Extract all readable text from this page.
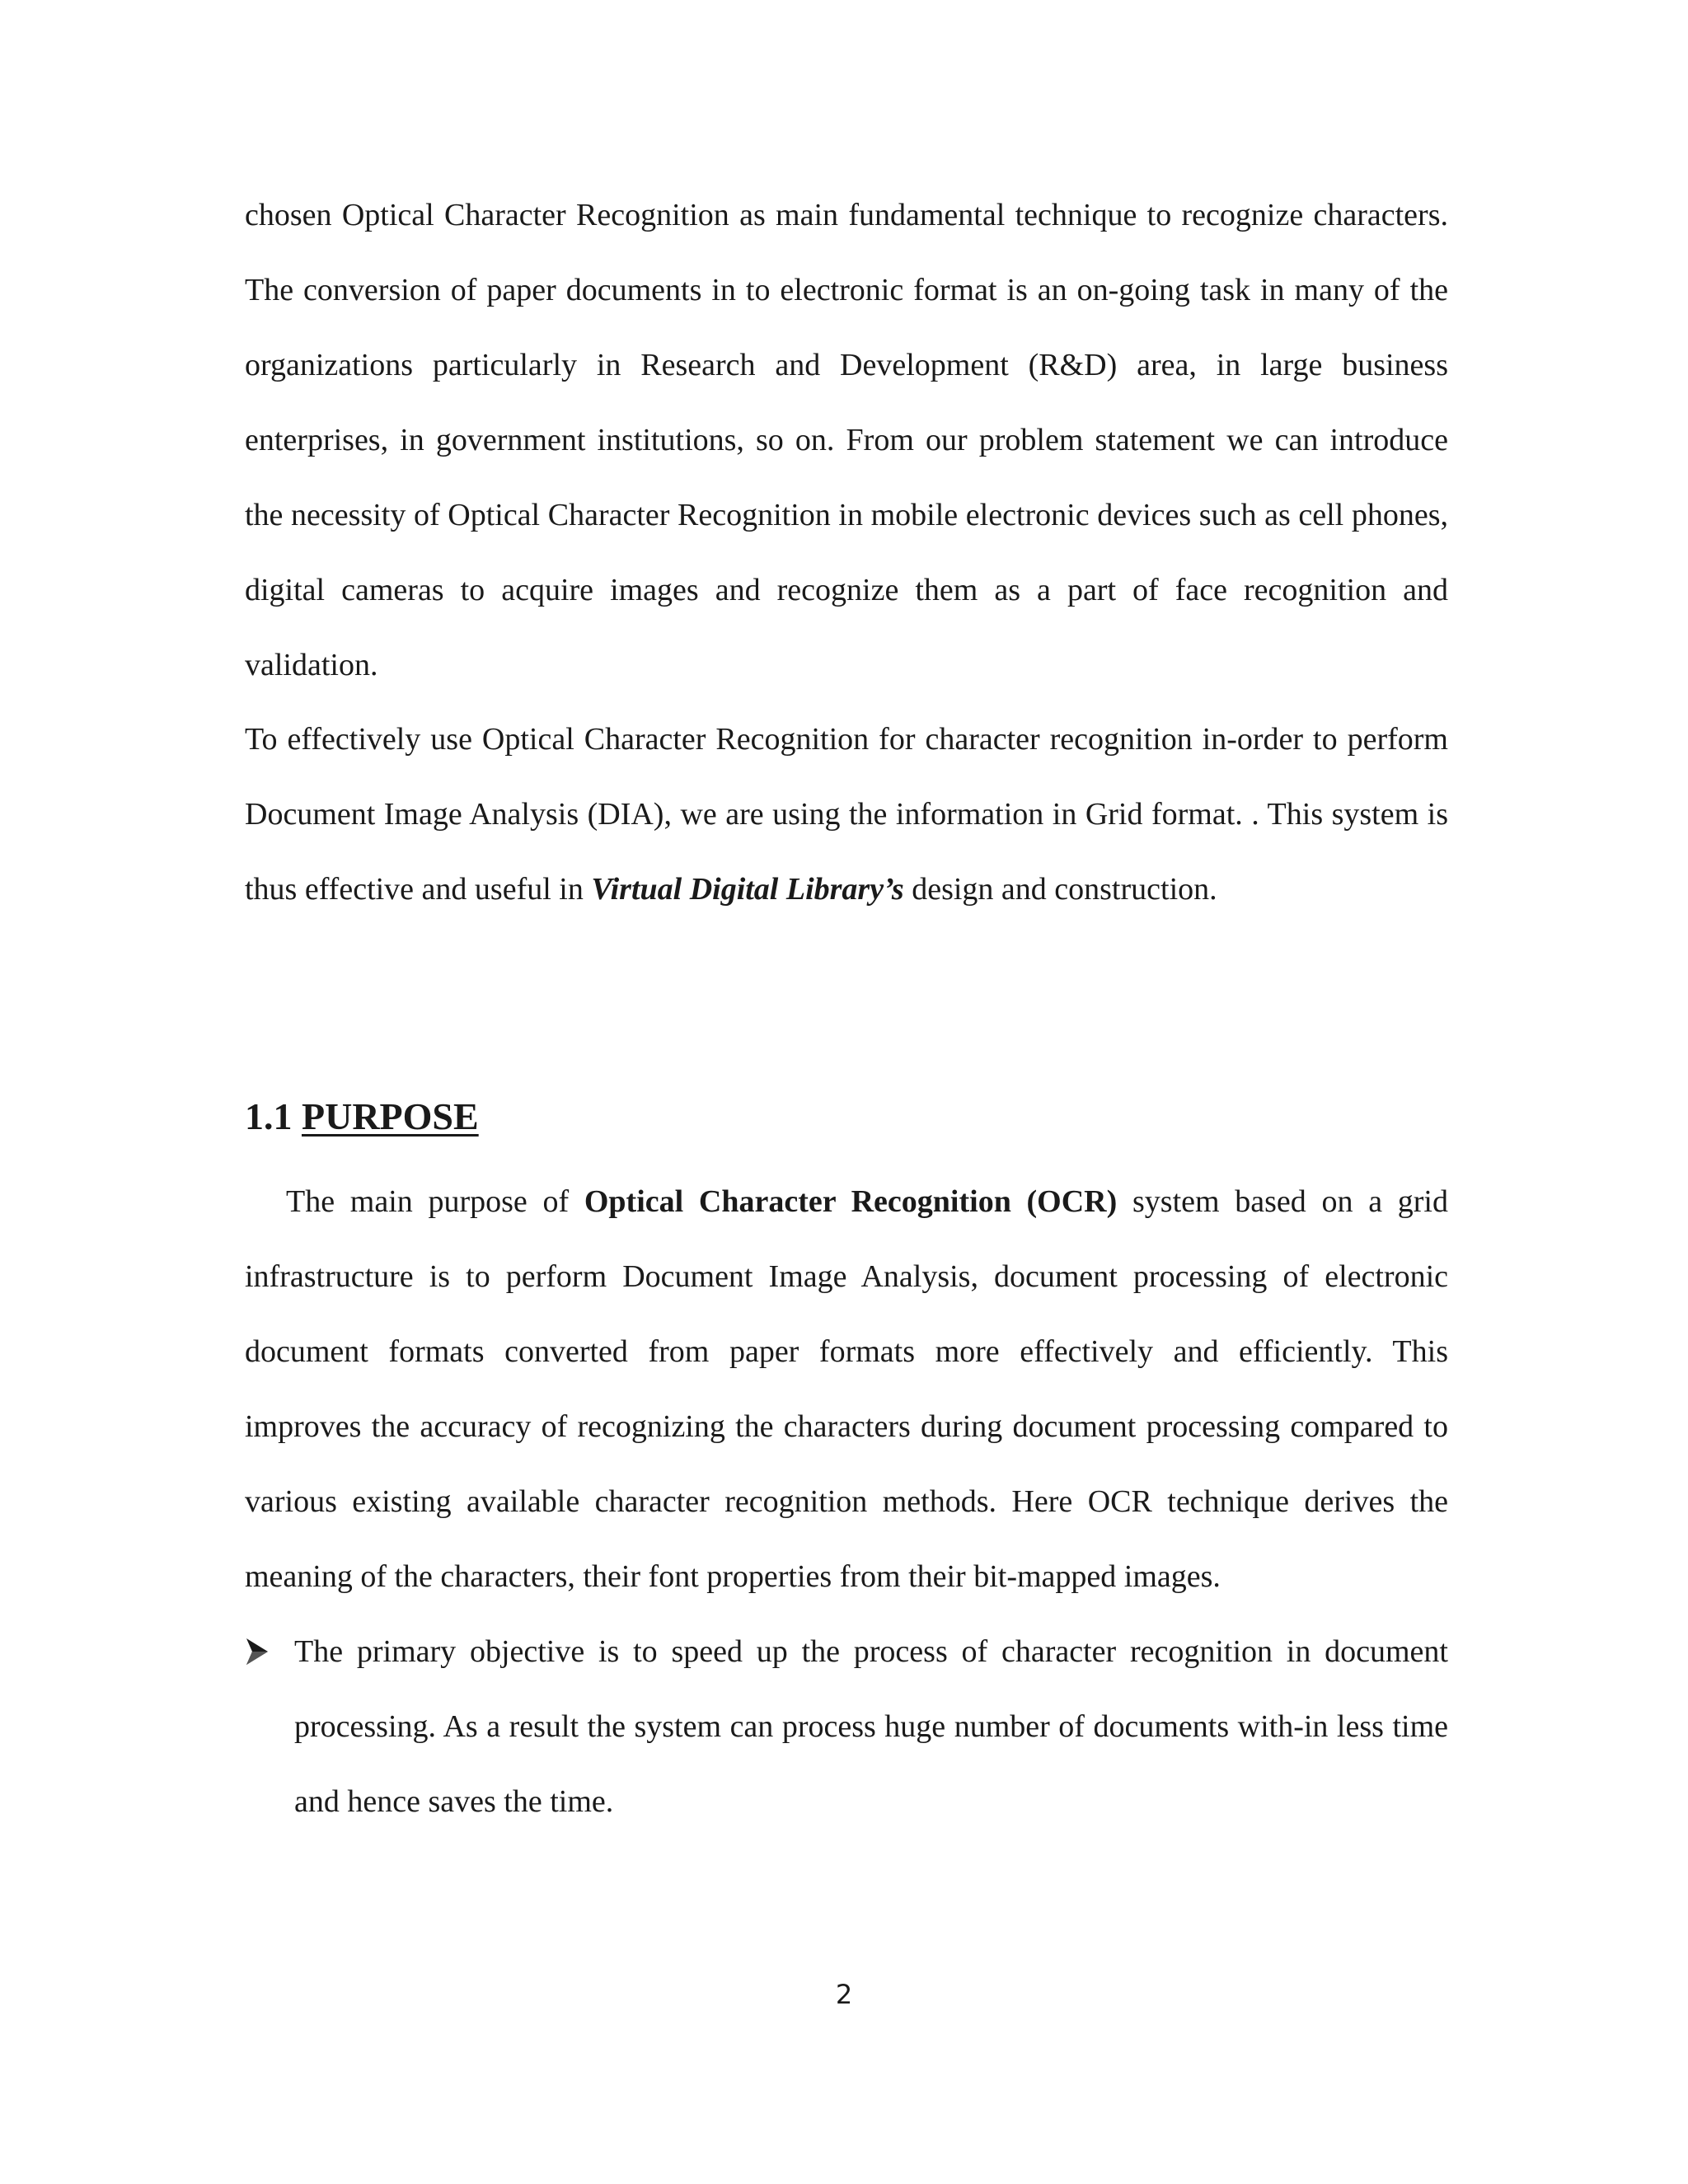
chosen Optical Character Recognition as main fundamental technique to recognize characters. The conversion of paper documents in to electronic format is an on-going task in many of the organizations particularly in Research and Development (R&D) area, in large business enterprises, in government institutions, so on. From our problem statement we can introduce the necessity of Optical Character Recognition in mobile electronic devices such as cell phones, digital cameras to acquire images and recognize them as a part of face recognition and validation.

To effectively use Optical Character Recognition for character recognition in-order to perform Document Image Analysis (DIA), we are using the information in Grid format. . This system is thus effective and useful in Virtual Digital Library’s design and construction.

1.1 PURPOSE

The main purpose of Optical Character Recognition (OCR) system based on a grid infrastructure is to perform Document Image Analysis, document processing of electronic document formats converted from paper formats more effectively and efficiently. This improves the accuracy of recognizing the characters during document processing compared to various existing available character recognition methods. Here OCR technique derives the meaning of the characters, their font properties from their bit-mapped images.

The primary objective is to speed up the process of character recognition in document processing. As a result the system can process huge number of documents with-in less time and hence saves the time.
2
